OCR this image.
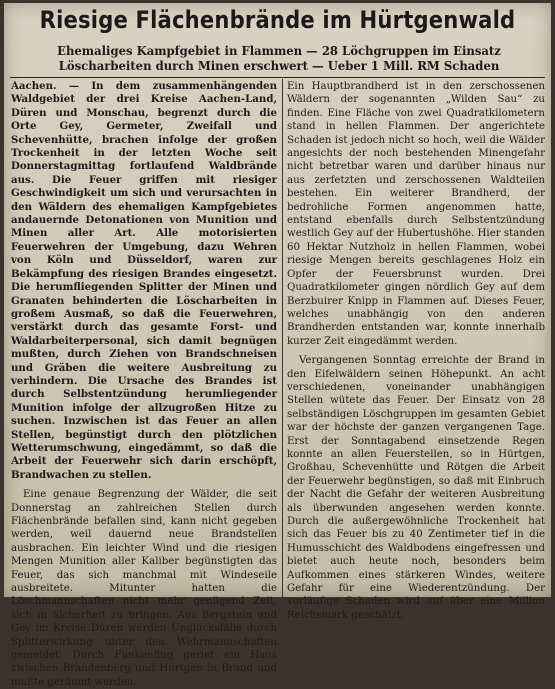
Riesige Flächenbrände im Hürtgenwald
Ehemaliges Kampfgebiet in Flammen — 28 Löchgruppen im Einsatz
Löscharbeiten durch Minen erschwert — Ueber 1 Mill. RM Schaden

Aachen. — In dem zusammenhängenden Waldgebiet der drei Kreise Aachen-Land, Düren und Monschau, begrenzt durch die Orte Gey, Germeter, Zweifall und Schevenhütte, brachen infolge der großen Trockenheit in der letzten Woche seit Donnerstagmittag fortlaufend Waldbrände aus. Die Feuer griffen mit riesiger Geschwindigkeit um sich und verursachten in den Wäldern des ehemaligen Kampfgebietes andauernde Detonationen von Munition und Minen aller Art. Alle motorisierten Feuerwehren der Umgebung, dazu Wehren von Köln und Düsseldorf, waren zur Bekämpfung des riesigen Brandes eingesetzt. Die herumfliegenden Splitter der Minen und Granaten behinderten die Löscharbeiten in großem Ausmaß, so daß die Feuerwehren, verstärkt durch das gesamte Forst- und Waldarbeiterpersonal, sich damit begnügen mußten, durch Ziehen von Brandschneisen und Gräben die weitere Ausbreitung zu verhindern. Die Ursache des Brandes ist durch Selbstentzündung herumliegender Munition infolge der allzugroßen Hitze zu suchen. Inzwischen ist das Feuer an allen Stellen, begünstigt durch den plötzlichen Wetterumschwung, eingedämmt, so daß die Arbeit der Feuerwehr sich darin erschöpft, Brandwachen zu stellen.

Eine genaue Begrenzung der Wälder, die seit Donnerstag an zahlreichen Stellen durch Flächenbrände befallen sind, kann nicht gegeben werden, weil dauernd neue Brandstellen ausbrachen. Ein leichter Wind und die riesigen Mengen Munition aller Kaliber begünstigten das Feuer, das sich manchmal mit Windeseile ausbreitete. Mitunter hatten die Löschmannschaften nicht mehr genügend Zeit, sich in Sicherheit zu bringen. Aus Bergstein und Gey im Kreise Düren werden Unglücksfälle durch Splitterwirkung unter den Wehrmannschaften gemeldet. Durch Funkenflug geriet ein Haus zwischen Brandenberg und Hürtgen in Brand und mußte geräumt werden.

Ein Hauptbrandherd ist in den zerschossenen Wäldern der sogenannten „Wilden Sau“ zu finden. Eine Fläche von zwei Quadratkilometern stand in hellen Flammen. Der angerichtete Schaden ist jedoch nicht so hoch, weil die Wälder angesichts der noch bestehenden Minengefahr nicht betretbar waren und darüber hinaus nur aus zerfetzten und zerschossenen Waldteilen bestehen. Ein weiterer Brandherd, der bedrohliche Formen angenommen hatte, entstand ebenfalls durch Selbstentzündung westlich Gey auf der Hubertushöhe. Hier standen 60 Hektar Nutzholz in hellen Flammen, wobei riesige Mengen bereits geschlagenes Holz ein Opfer der Feuersbrunst wurden. Drei Quadratkilometer gingen nördlich Gey auf dem Berzbuirer Knipp in Flammen auf. Dieses Feuer, welches unabhängig von den anderen Brandherden entstanden war, konnte innerhalb kurzer Zeit eingedämmt werden.

Vergangenen Sonntag erreichte der Brand in den Eifelwäldern seinen Höhepunkt. An acht verschiedenen, voneinander unabhängigen Stellen wütete das Feuer. Der Einsatz von 28 selbständigen Löschgruppen im gesamten Gebiet war der höchste der ganzen vergangenen Tage. Erst der Sonntagabend einsetzende Regen konnte an allen Feuerstellen, so in Hürtgen, Großhau, Schevenhütte und Rötgen die Arbeit der Feuerwehr begünstigen, so daß mit Einbruch der Nacht die Gefahr der weiteren Ausbreitung als überwunden angesehen werden konnte. Durch die außergewöhnliche Trockenheit hat sich das Feuer bis zu 40 Zentimeter tief in die Humusschicht des Waldbodens eingefressen und bietet auch heute noch, besonders beim Aufkommen eines stärkeren Windes, weitere Gefahr für eine Wiederentzündung. Der vorläufige Schaden wird auf über eine Million Reichsmark geschätzt.
